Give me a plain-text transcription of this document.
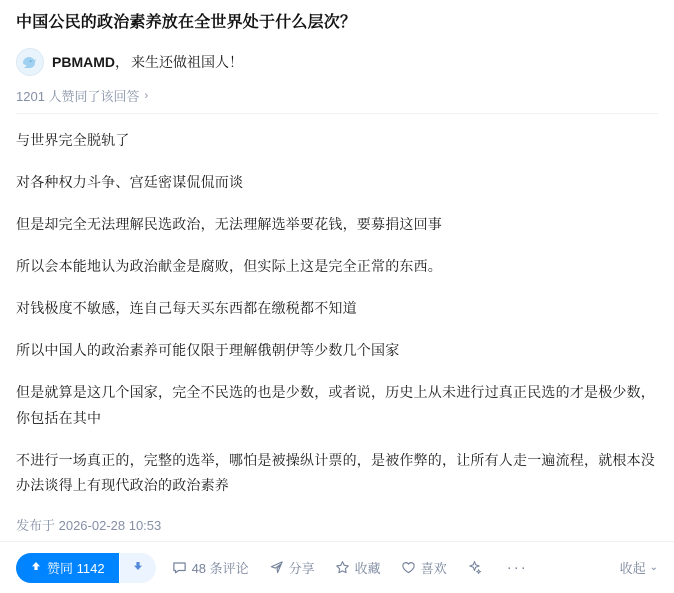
中国公民的政治素养放在全世界处于什么层次？
PBMAMD ， 来生还做祖国人！
1201 人赞同了该回答 ›

与世界完全脱轨了

对各种权力斗争、宫廷密谋侃侃而谈

但是却完全无法理解民选政治，无法理解选举要花钱，要募捐这回事

所以会本能地认为政治献金是腐败，但实际上这是完全正常的东西。

对钱极度不敏感，连自己每天买东西都在缴税都不知道

所以中国人的政治素养可能仅限于理解俄朝伊等少数几个国家

但是就算是这几个国家，完全不民选的也是少数，或者说，历史上从未进行过真正民选的才是极少数，你包括在其中

不进行一场真正的，完整的选举，哪怕是被操纵计票的，是被作弊的，让所有人走一遍流程，就根本没办法谈得上有现代政治的政治素养

发布于 2026-02-28 10:53
赞同 1142	48 条评论	分享	收藏	喜欢	···	收起 ⌄
